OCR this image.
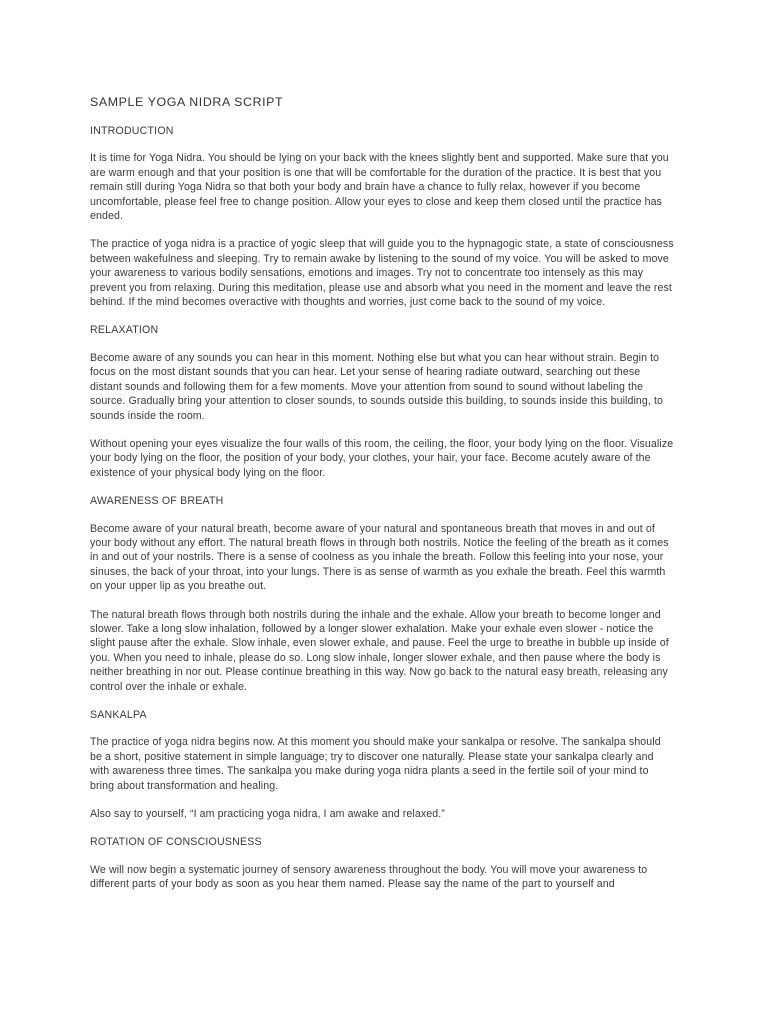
SAMPLE YOGA NIDRA SCRIPT
INTRODUCTION

It is time for Yoga Nidra. You should be lying on your back with the knees slightly bent and supported. Make sure that you are warm enough and that your position is one that will be comfortable for the duration of the practice. It is best that you remain still during Yoga Nidra so that both your body and brain have a chance to fully relax, however if you become uncomfortable, please feel free to change position. Allow your eyes to close and keep them closed until the practice has ended.

The practice of yoga nidra is a practice of yogic sleep that will guide you to the hypnagogic state, a state of consciousness between wakefulness and sleeping. Try to remain awake by listening to the sound of my voice. You will be asked to move your awareness to various bodily sensations, emotions and images. Try not to concentrate too intensely as this may prevent you from relaxing. During this meditation, please use and absorb what you need in the moment and leave the rest behind. If the mind becomes overactive with thoughts and worries, just come back to the sound of my voice.

RELAXATION

Become aware of any sounds you can hear in this moment. Nothing else but what you can hear without strain. Begin to focus on the most distant sounds that you can hear. Let your sense of hearing radiate outward, searching out these distant sounds and following them for a few moments. Move your attention from sound to sound without labeling the source. Gradually bring your attention to closer sounds, to sounds outside this building, to sounds inside this building, to sounds inside the room.

Without opening your eyes visualize the four walls of this room, the ceiling, the floor, your body lying on the floor. Visualize your body lying on the floor, the position of your body, your clothes, your hair, your face. Become acutely aware of the existence of your physical body lying on the floor.

AWARENESS OF BREATH

Become aware of your natural breath, become aware of your natural and spontaneous breath that moves in and out of your body without any effort. The natural breath flows in through both nostrils. Notice the feeling of the breath as it comes in and out of your nostrils. There is a sense of coolness as you inhale the breath. Follow this feeling into your nose, your sinuses, the back of your throat, into your lungs. There is as sense of warmth as you exhale the breath. Feel this warmth on your upper lip as you breathe out.

The natural breath flows through both nostrils during the inhale and the exhale. Allow your breath to become longer and slower. Take a long slow inhalation, followed by a longer slower exhalation. Make your exhale even slower - notice the slight pause after the exhale. Slow inhale, even slower exhale, and pause. Feel the urge to breathe in bubble up inside of you. When you need to inhale, please do so. Long slow inhale, longer slower exhale, and then pause where the body is neither breathing in nor out. Please continue breathing in this way. Now go back to the natural easy breath, releasing any control over the inhale or exhale.

SANKALPA

The practice of yoga nidra begins now. At this moment you should make your sankalpa or resolve. The sankalpa should be a short, positive statement in simple language; try to discover one naturally. Please state your sankalpa clearly and with awareness three times. The sankalpa you make during yoga nidra plants a seed in the fertile soil of your mind to bring about transformation and healing.

Also say to yourself, “I am practicing yoga nidra, I am awake and relaxed.”

ROTATION OF CONSCIOUSNESS

We will now begin a systematic journey of sensory awareness throughout the body. You will move your awareness to different parts of your body as soon as you hear them named. Please say the name of the part to yourself and
